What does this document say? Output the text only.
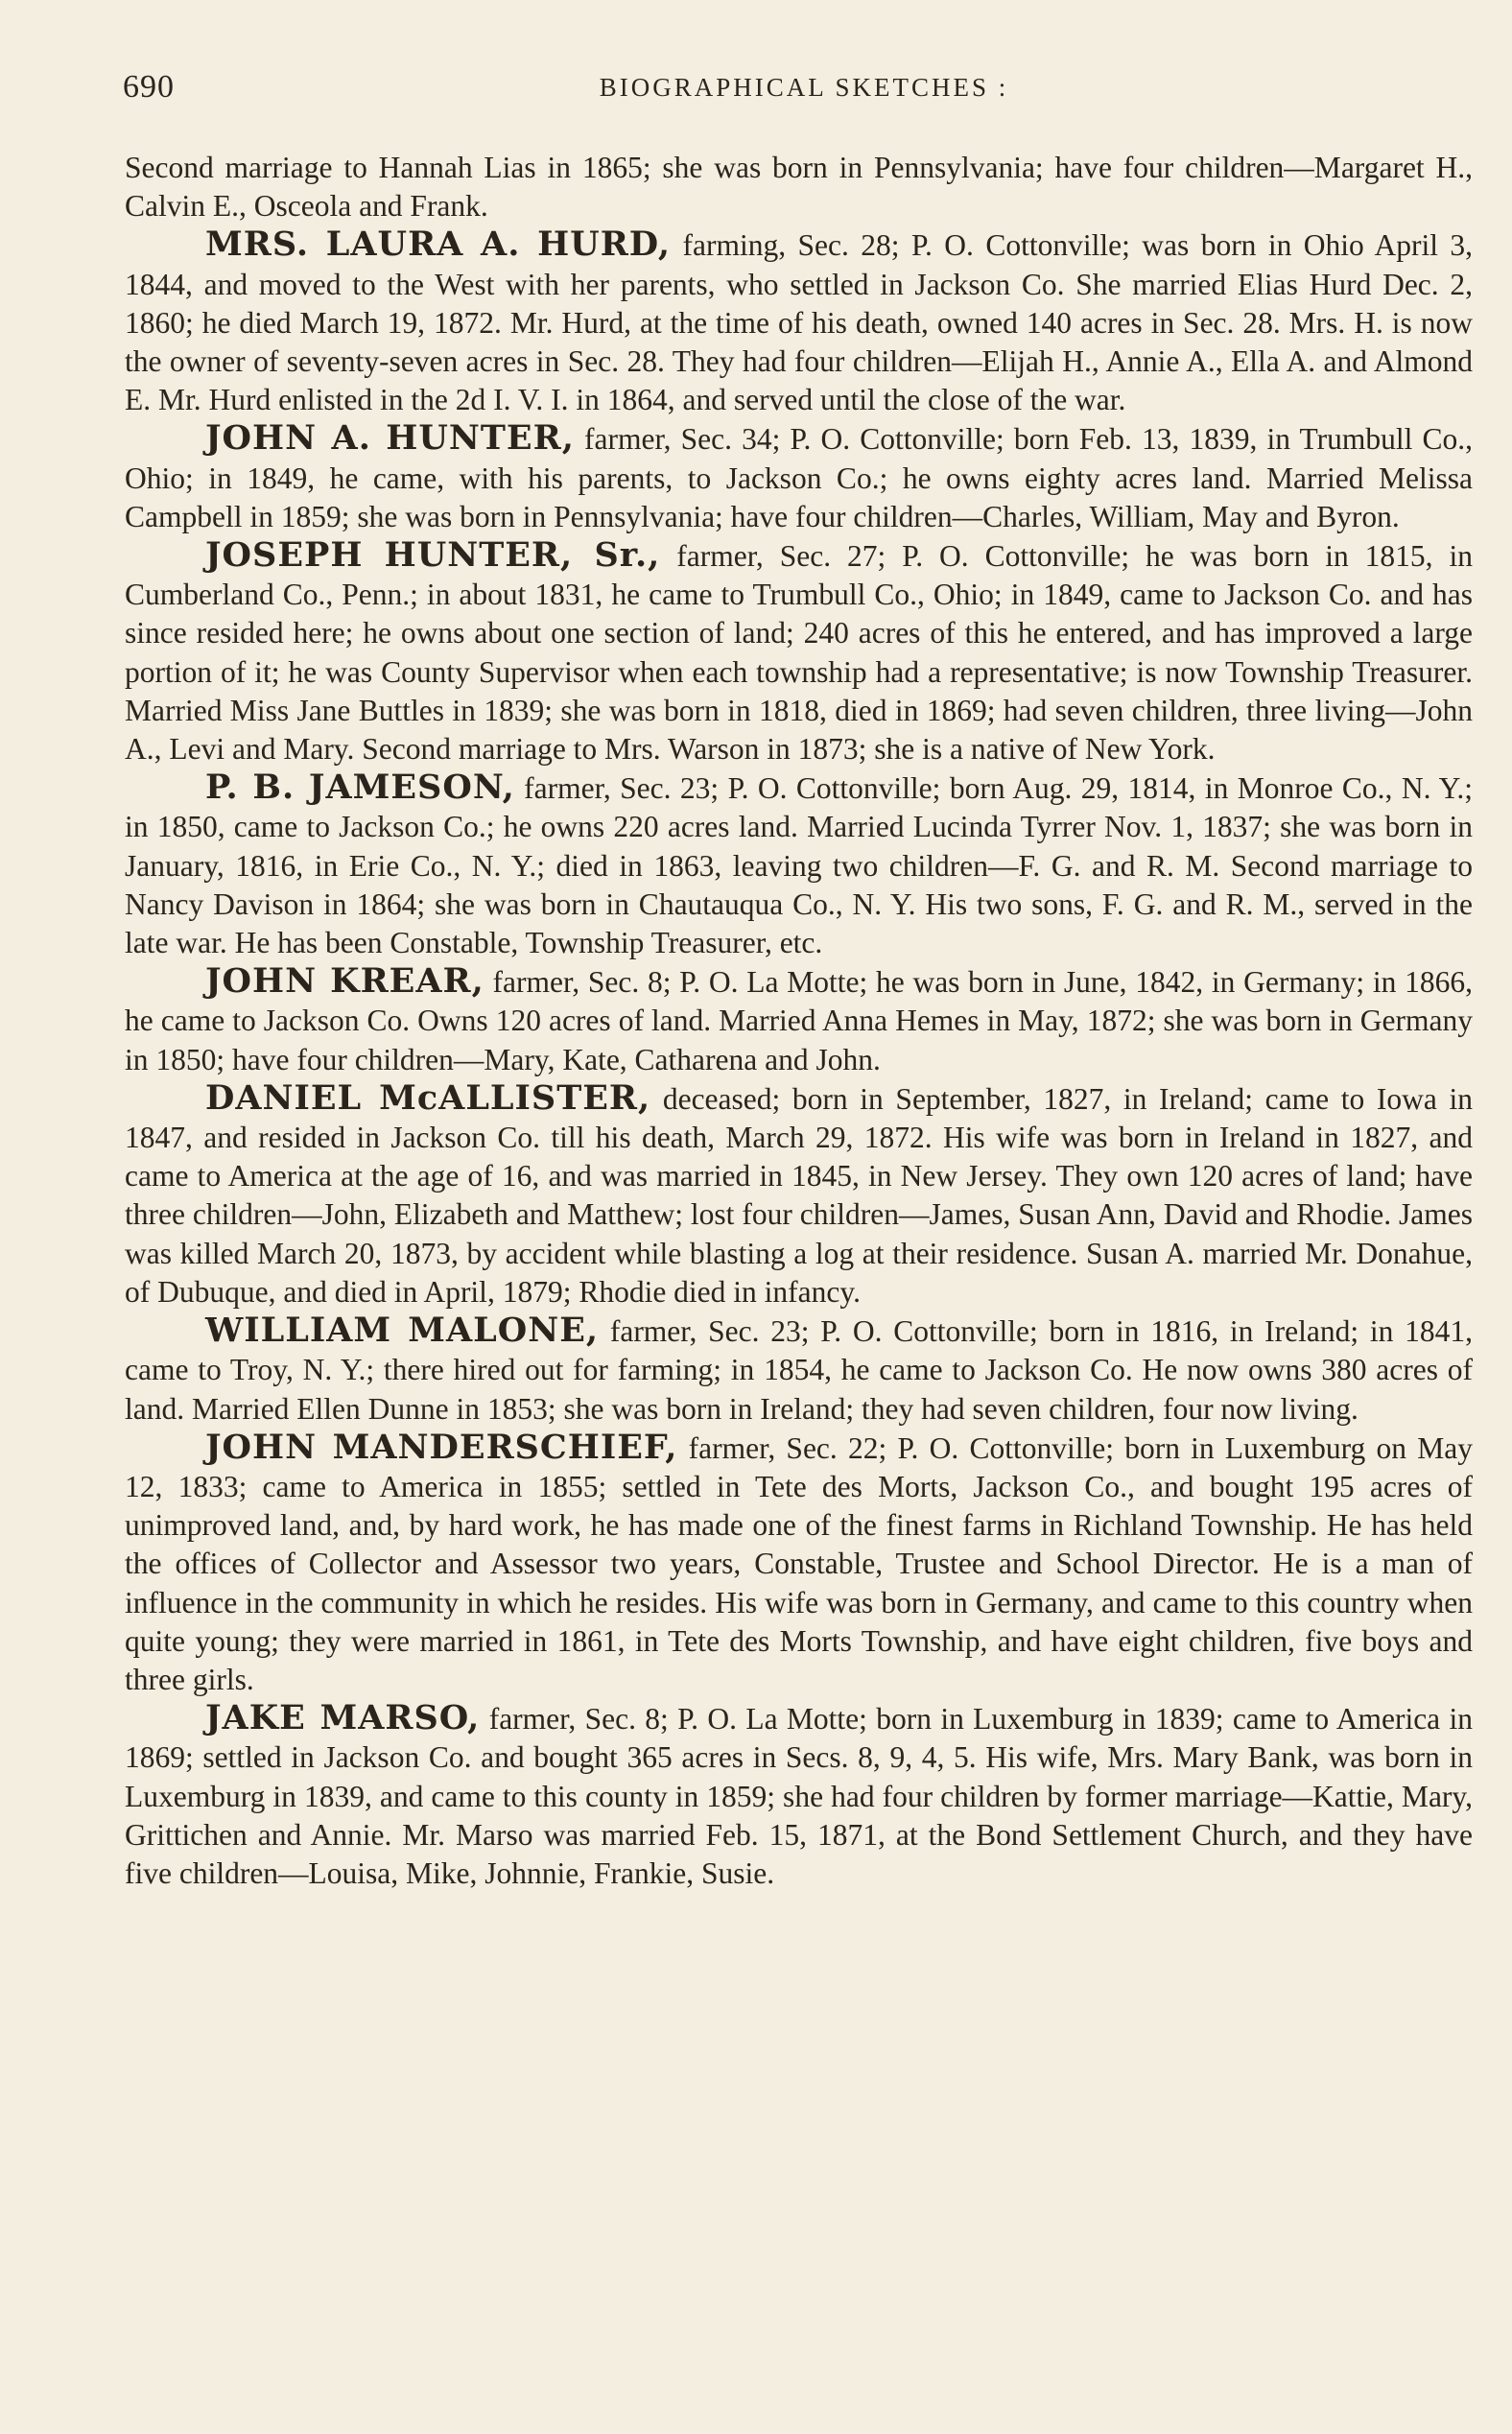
690	BIOGRAPHICAL SKETCHES :

Second marriage to Hannah Lias in 1865; she was born in Pennsylvania; have four children—Margaret H., Calvin E., Osceola and Frank.

MRS. LAURA A. HURD, farming, Sec. 28; P. O. Cottonville; was born in Ohio April 3, 1844, and moved to the West with her parents, who settled in Jackson Co. She married Elias Hurd Dec. 2, 1860; he died March 19, 1872. Mr. Hurd, at the time of his death, owned 140 acres in Sec. 28. Mrs. H. is now the owner of seventy-seven acres in Sec. 28. They had four children—Elijah H., Annie A., Ella A. and Almond E. Mr. Hurd enlisted in the 2d I. V. I. in 1864, and served until the close of the war.

JOHN A. HUNTER, farmer, Sec. 34; P. O. Cottonville; born Feb. 13, 1839, in Trumbull Co., Ohio; in 1849, he came, with his parents, to Jackson Co.; he owns eighty acres land. Married Melissa Campbell in 1859; she was born in Pennsylvania; have four children—Charles, William, May and Byron.

JOSEPH HUNTER, Sr., farmer, Sec. 27; P. O. Cottonville; he was born in 1815, in Cumberland Co., Penn.; in about 1831, he came to Trumbull Co., Ohio; in 1849, came to Jackson Co. and has since resided here; he owns about one section of land; 240 acres of this he entered, and has improved a large portion of it; he was County Supervisor when each township had a representative; is now Township Treasurer. Married Miss Jane Buttles in 1839; she was born in 1818, died in 1869; had seven children, three living—John A., Levi and Mary. Second marriage to Mrs. Warson in 1873; she is a native of New York.

P. B. JAMESON, farmer, Sec. 23; P. O. Cottonville; born Aug. 29, 1814, in Monroe Co., N. Y.; in 1850, came to Jackson Co.; he owns 220 acres land. Married Lucinda Tyrrer Nov. 1, 1837; she was born in January, 1816, in Erie Co., N. Y.; died in 1863, leaving two children—F. G. and R. M. Second marriage to Nancy Davison in 1864; she was born in Chautauqua Co., N. Y. His two sons, F. G. and R. M., served in the late war. He has been Constable, Township Treasurer, etc.

JOHN KREAR, farmer, Sec. 8; P. O. La Motte; he was born in June, 1842, in Germany; in 1866, he came to Jackson Co. Owns 120 acres of land. Married Anna Hemes in May, 1872; she was born in Germany in 1850; have four children—Mary, Kate, Catharena and John.

DANIEL McALLISTER, deceased; born in September, 1827, in Ireland; came to Iowa in 1847, and resided in Jackson Co. till his death, March 29, 1872. His wife was born in Ireland in 1827, and came to America at the age of 16, and was married in 1845, in New Jersey. They own 120 acres of land; have three children—John, Elizabeth and Matthew; lost four children—James, Susan Ann, David and Rhodie. James was killed March 20, 1873, by accident while blasting a log at their residence. Susan A. married Mr. Donahue, of Dubuque, and died in April, 1879; Rhodie died in infancy.

WILLIAM MALONE, farmer, Sec. 23; P. O. Cottonville; born in 1816, in Ireland; in 1841, came to Troy, N. Y.; there hired out for farming; in 1854, he came to Jackson Co. He now owns 380 acres of land. Married Ellen Dunne in 1853; she was born in Ireland; they had seven children, four now living.

JOHN MANDERSCHIEF, farmer, Sec. 22; P. O. Cottonville; born in Luxemburg on May 12, 1833; came to America in 1855; settled in Tete des Morts, Jackson Co., and bought 195 acres of unimproved land, and, by hard work, he has made one of the finest farms in Richland Township. He has held the offices of Collector and Assessor two years, Constable, Trustee and School Director. He is a man of influence in the community in which he resides. His wife was born in Germany, and came to this country when quite young; they were married in 1861, in Tete des Morts Township, and have eight children, five boys and three girls.

JAKE MARSO, farmer, Sec. 8; P. O. La Motte; born in Luxemburg in 1839; came to America in 1869; settled in Jackson Co. and bought 365 acres in Secs. 8, 9, 4, 5. His wife, Mrs. Mary Bank, was born in Luxemburg in 1839, and came to this county in 1859; she had four children by former marriage—Kattie, Mary, Grittichen and Annie. Mr. Marso was married Feb. 15, 1871, at the Bond Settlement Church, and they have five children—Louisa, Mike, Johnnie, Frankie, Susie.
